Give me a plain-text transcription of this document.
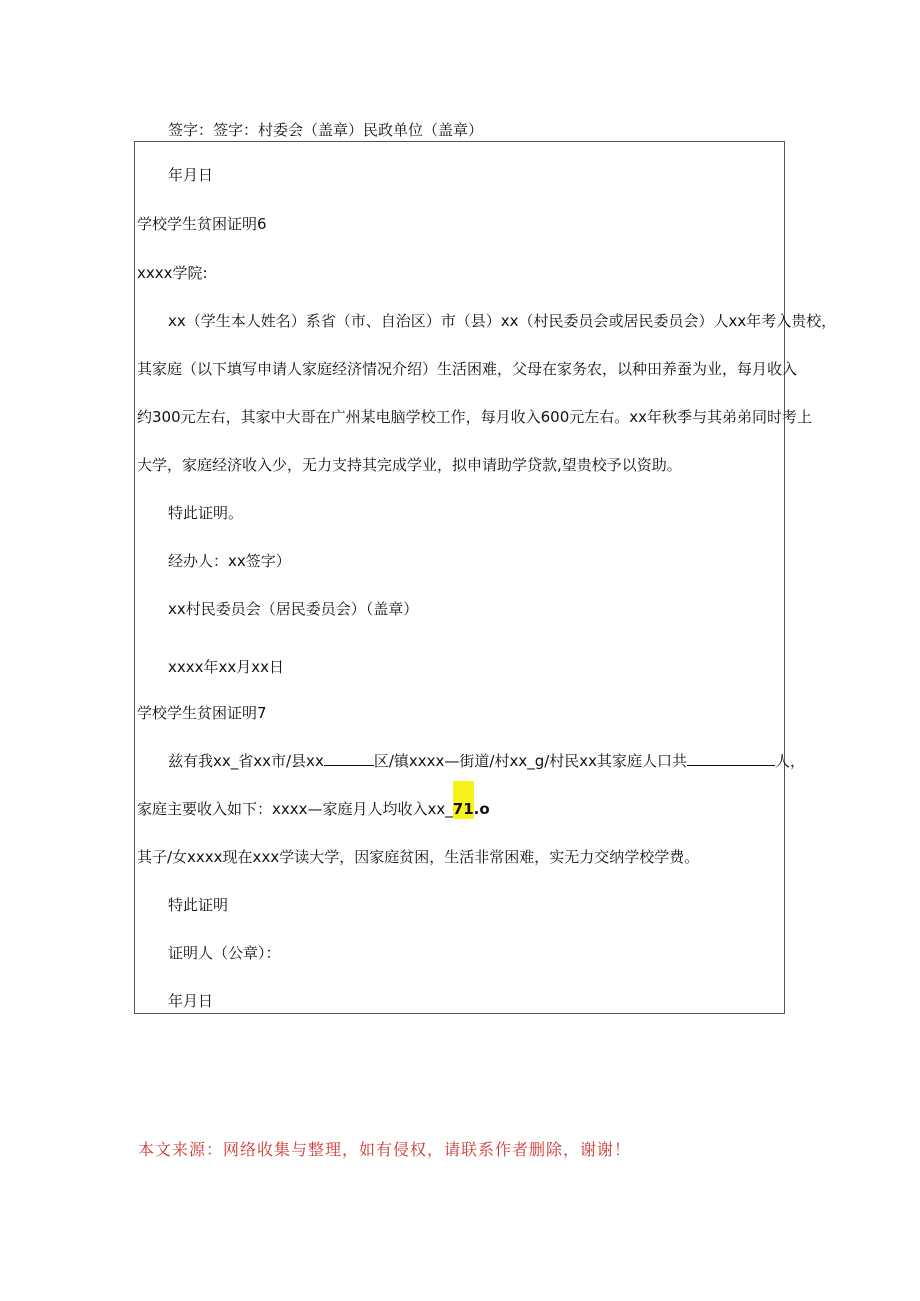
签字：签字：村委会（盖章）民政单位（盖章）
年月日
学校学生贫困证明6
xxxx学院:
xx（学生本人姓名）系省（市、自治区）市（县）xx（村民委员会或居民委员会）人xx年考入贵校，
其家庭（以下填写申请人家庭经济情况介绍）生活困难，父母在家务农，以种田养蚕为业，每月收入
约300元左右，其家中大哥在广州某电脑学校工作，每月收入600元左右。xx年秋季与其弟弟同时考上
大学，家庭经济收入少，无力支持其完成学业，拟申请助学贷款,望贵校予以资助。
特此证明。
经办人：xx签字）
xx村民委员会（居民委员会）（盖章）
xxxx年xx月xx日
学校学生贫困证明7
兹有我xx_省xx市/县xx	区/镇xxxx—街道/村xx_g/村民xx其家庭人口共	人，
家庭主要收入如下：xxxx—家庭月人均收入xx_71.o
其子/女xxxx现在xxx学读大学，因家庭贫困，生活非常困难，实无力交纳学校学费。
特此证明
证明人（公章）：
年月日
本文来源：网络收集与整理，如有侵权，请联系作者删除，谢谢！
